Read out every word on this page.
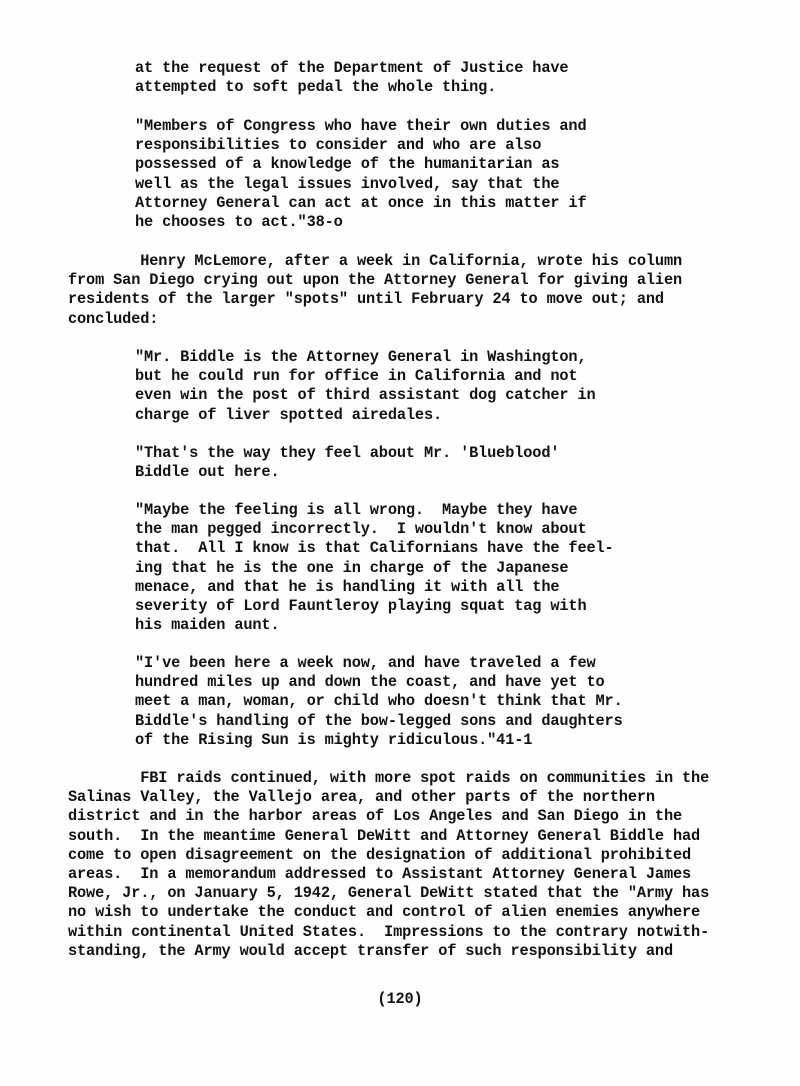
at the request of the Department of Justice have
attempted to soft pedal the whole thing.

"Members of Congress who have their own duties and
responsibilities to consider and who are also
possessed of a knowledge of the humanitarian as
well as the legal issues involved, say that the
Attorney General can act at once in this matter if
he chooses to act."38-o

Henry McLemore, after a week in California, wrote his column
from San Diego crying out upon the Attorney General for giving alien
residents of the larger "spots" until February 24 to move out; and
concluded:

"Mr. Biddle is the Attorney General in Washington,
but he could run for office in California and not
even win the post of third assistant dog catcher in
charge of liver spotted airedales.

"That's the way they feel about Mr. 'Blueblood'
Biddle out here.

"Maybe the feeling is all wrong.  Maybe they have
the man pegged incorrectly.  I wouldn't know about
that.  All I know is that Californians have the feel-
ing that he is the one in charge of the Japanese
menace, and that he is handling it with all the
severity of Lord Fauntleroy playing squat tag with
his maiden aunt.

"I've been here a week now, and have traveled a few
hundred miles up and down the coast, and have yet to
meet a man, woman, or child who doesn't think that Mr.
Biddle's handling of the bow-legged sons and daughters
of the Rising Sun is mighty ridiculous."41-1

FBI raids continued, with more spot raids on communities in the
Salinas Valley, the Vallejo area, and other parts of the northern
district and in the harbor areas of Los Angeles and San Diego in the
south.  In the meantime General DeWitt and Attorney General Biddle had
come to open disagreement on the designation of additional prohibited
areas.  In a memorandum addressed to Assistant Attorney General James
Rowe, Jr., on January 5, 1942, General DeWitt stated that the "Army has
no wish to undertake the conduct and control of alien enemies anywhere
within continental United States.  Impressions to the contrary notwith-
standing, the Army would accept transfer of such responsibility and

(120)
